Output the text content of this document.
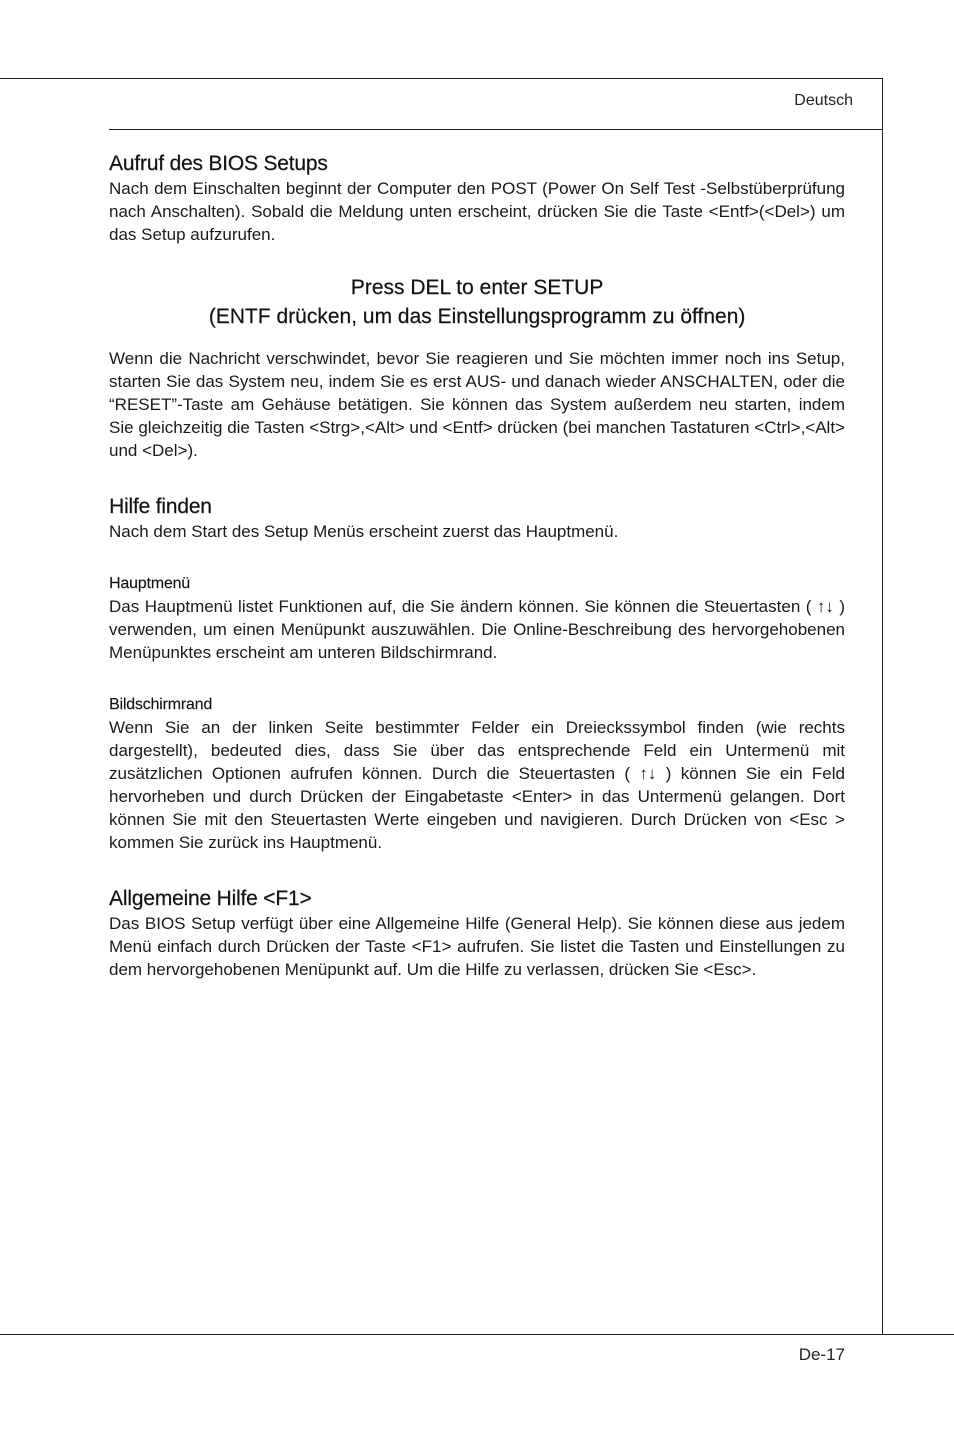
Deutsch
Aufruf des BIOS Setups

Nach dem Einschalten beginnt der Computer den POST (Power On Self Test -Selbstüberprüfung nach Anschalten). Sobald die Meldung unten erscheint, drücken Sie die Taste <Entf>(<Del>) um das Setup aufzurufen.

Press DEL to enter SETUP
(ENTF drücken, um das Einstellungsprogramm zu öffnen)

Wenn die Nachricht verschwindet, bevor Sie reagieren und Sie möchten immer noch ins Setup, starten Sie das System neu, indem Sie es erst AUS- und danach wieder ANSCHALTEN, oder die “RESET”-Taste am Gehäuse betätigen. Sie können das System außerdem neu starten, indem Sie gleichzeitig die Tasten <Strg>,<Alt> und <Entf> drücken (bei manchen Tastaturen <Ctrl>,<Alt> und <Del>).

Hilfe finden

Nach dem Start des Setup Menüs erscheint zuerst das Hauptmenü.

Hauptmenü

Das Hauptmenü listet Funktionen auf, die Sie ändern können. Sie können die Steuertasten ( ↑↓ ) verwenden, um einen Menüpunkt auszuwählen. Die Online-Beschreibung des hervorgehobenen Menüpunktes erscheint am unteren Bildschirmrand.

Bildschirmrand

Wenn Sie an der linken Seite bestimmter Felder ein Dreieckssymbol finden (wie rechts dargestellt), bedeuted dies, dass Sie über das entsprechende Feld ein Untermenü mit zusätzlichen Optionen aufrufen können. Durch die Steuertasten ( ↑↓ ) können Sie ein Feld hervorheben und durch Drücken der Eingabetaste <Enter> in das Untermenü gelangen. Dort können Sie mit den Steuertasten Werte eingeben und navigieren. Durch Drücken von <Esc > kommen Sie zurück ins Hauptmenü.

Allgemeine Hilfe <F1>

Das BIOS Setup verfügt über eine Allgemeine Hilfe (General Help). Sie können diese aus jedem Menü einfach durch Drücken der Taste <F1> aufrufen. Sie listet die Tasten und Einstellungen zu dem hervorgehobenen Menüpunkt auf. Um die Hilfe zu verlassen, drücken Sie <Esc>.

De-17
